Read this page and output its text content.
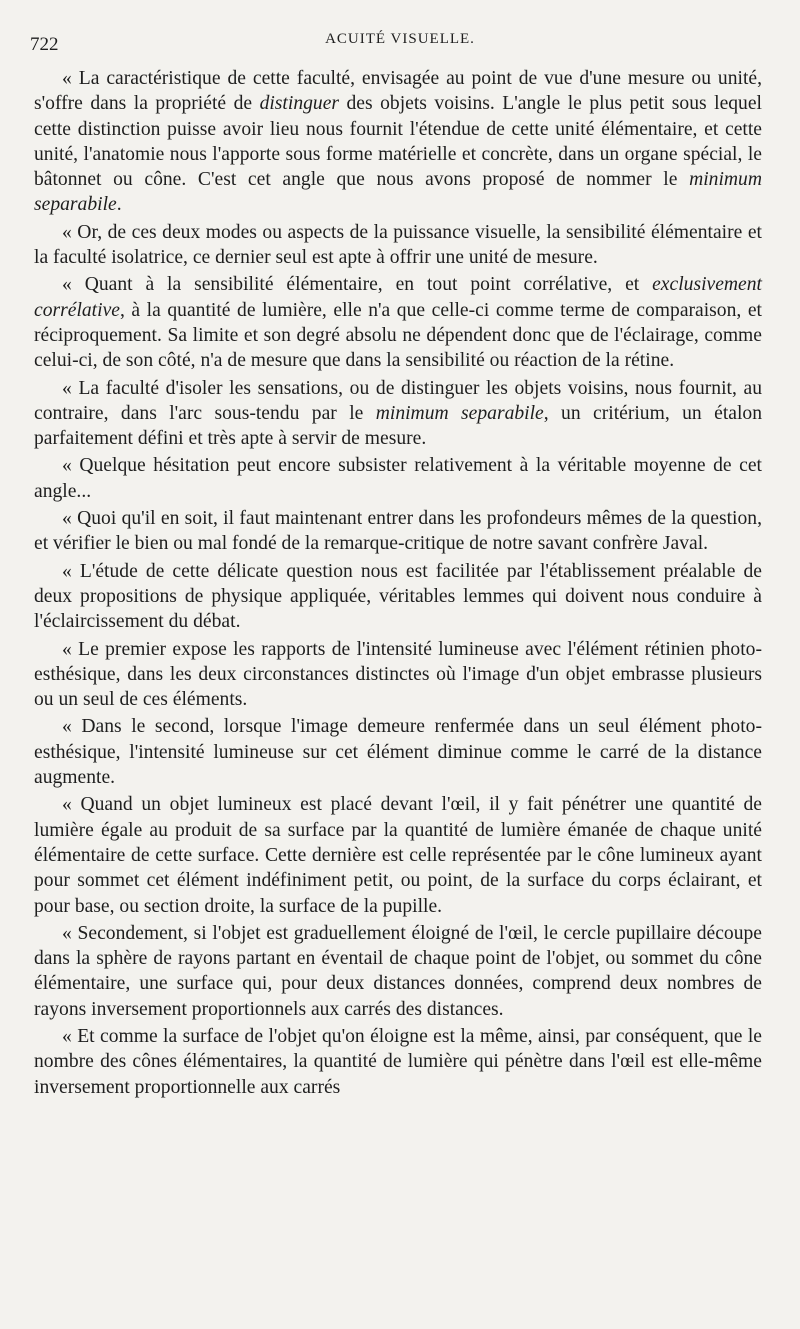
722	ACUITÉ VISUELLE.

« La caractéristique de cette faculté, envisagée au point de vue d'une mesure ou unité, s'offre dans la propriété de distinguer des objets voisins. L'angle le plus petit sous lequel cette distinction puisse avoir lieu nous fournit l'étendue de cette unité élémentaire, et cette unité, l'anatomie nous l'apporte sous forme matérielle et concrète, dans un organe spécial, le bâtonnet ou cône. C'est cet angle que nous avons proposé de nommer le minimum separabile.

« Or, de ces deux modes ou aspects de la puissance visuelle, la sensibilité élémentaire et la faculté isolatrice, ce dernier seul est apte à offrir une unité de mesure.

« Quant à la sensibilité élémentaire, en tout point corrélative, et exclusivement corrélative, à la quantité de lumière, elle n'a que celle-ci comme terme de comparaison, et réciproquement. Sa limite et son degré absolu ne dépendent donc que de l'éclairage, comme celui-ci, de son côté, n'a de mesure que dans la sensibilité ou réaction de la rétine.

« La faculté d'isoler les sensations, ou de distinguer les objets voisins, nous fournit, au contraire, dans l'arc sous-tendu par le minimum separabile, un critérium, un étalon parfaitement défini et très apte à servir de mesure.

« Quelque hésitation peut encore subsister relativement à la véritable moyenne de cet angle...

« Quoi qu'il en soit, il faut maintenant entrer dans les profondeurs mêmes de la question, et vérifier le bien ou mal fondé de la remarque-critique de notre savant confrère Javal.

« L'étude de cette délicate question nous est facilitée par l'établissement préalable de deux propositions de physique appliquée, véritables lemmes qui doivent nous conduire à l'éclaircissement du débat.

« Le premier expose les rapports de l'intensité lumineuse avec l'élément rétinien photo-esthésique, dans les deux circonstances distinctes où l'image d'un objet embrasse plusieurs ou un seul de ces éléments.

« Dans le second, lorsque l'image demeure renfermée dans un seul élément photo-esthésique, l'intensité lumineuse sur cet élément diminue comme le carré de la distance augmente.

« Quand un objet lumineux est placé devant l'œil, il y fait pénétrer une quantité de lumière égale au produit de sa surface par la quantité de lumière émanée de chaque unité élémentaire de cette surface. Cette dernière est celle représentée par le cône lumineux ayant pour sommet cet élément indéfiniment petit, ou point, de la surface du corps éclairant, et pour base, ou section droite, la surface de la pupille.

« Secondement, si l'objet est graduellement éloigné de l'œil, le cercle pupillaire découpe dans la sphère de rayons partant en éventail de chaque point de l'objet, ou sommet du cône élémentaire, une surface qui, pour deux distances données, comprend deux nombres de rayons inversement proportionnels aux carrés des distances.

« Et comme la surface de l'objet qu'on éloigne est la même, ainsi, par conséquent, que le nombre des cônes élémentaires, la quantité de lumière qui pénètre dans l'œil est elle-même inversement proportionnelle aux carrés
